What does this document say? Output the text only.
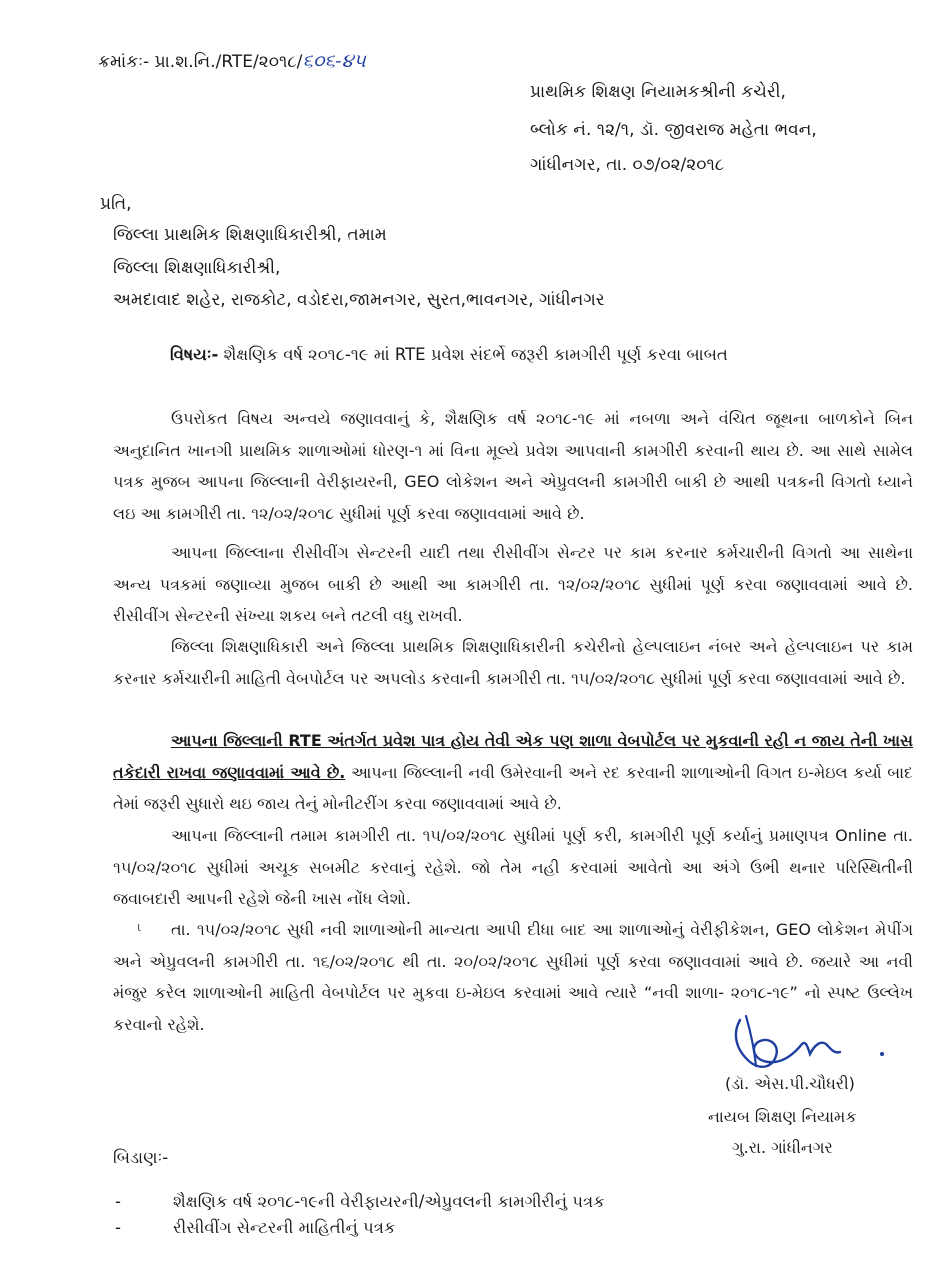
ક્રમાંકઃ- પ્રા.શ.નિ./RTE/૨૦૧૮/૬૦૬-૪૫
પ્રાથમિક શિક્ષણ નિયામકશ્રીની કચેરી,
બ્લોક નં. ૧૨/૧, ડૉ. જીવરાજ મહેતા ભવન,
ગાંધીનગર, તા. ૦૭/૦૨/૨૦૧૮
પ્રતિ,
જિલ્લા પ્રાથમિક શિક્ષણાધિકારીશ્રી, તમામ
જિલ્લા શિક્ષણાધિકારીશ્રી,
અમદાવાદ શહેર, રાજકોટ, વડોદરા,જામનગર, સુરત,ભાવનગર, ગાંધીનગર
વિષયઃ- શૈક્ષણિક વર્ષ ૨૦૧૮-૧૯ માં RTE પ્રવેશ સંદર્ભે જરૂરી કામગીરી પૂર્ણ કરવા બાબત
ઉપરોકત વિષય અન્વયે જણાવવાનું કે, શૈક્ષણિક વર્ષ ૨૦૧૮-૧૯ માં નબળા અને વંચિત જૂથના બાળકોને બિન અનુદાનિત ખાનગી પ્રાથમિક શાળાઓમાં ધોરણ-૧ માં વિના મૂલ્યે પ્રવેશ આપવાની કામગીરી કરવાની થાય છે. આ સાથે સામેલ પત્રક મુજબ આપના જિલ્લાની વેરીફાયરની, GEO લોકેશન અને એપ્રુવલની કામગીરી બાકી છે આથી પત્રકની વિગતો ધ્યાને લઇ આ કામગીરી તા. ૧૨/૦૨/૨૦૧૮ સુધીમાં પૂર્ણ કરવા જણાવવામાં આવે છે.
આપના જિલ્લાના રીસીવીંગ સેન્ટરની યાદી તથા રીસીવીંગ સેન્ટર પર કામ કરનાર કર્મચારીની વિગતો આ સાથેના અન્ય પત્રકમાં જણાવ્યા મુજબ બાકી છે આથી આ કામગીરી તા. ૧૨/૦૨/૨૦૧૮ સુધીમાં પૂર્ણ કરવા જણાવવામાં આવે છે. રીસીવીંગ સેન્ટરની સંખ્યા શકય બને તટલી વધુ રાખવી.
જિલ્લા શિક્ષણાધિકારી અને જિલ્લા પ્રાથમિક શિક્ષણાધિકારીની કચેરીનો હેલ્પલાઇન નંબર અને હેલ્પલાઇન પર કામ કરનાર કર્મચારીની માહિતી વેબપોર્ટલ પર અપલોડ કરવાની કામગીરી તા. ૧૫/૦૨/૨૦૧૮ સુધીમાં પૂર્ણ કરવા જણાવવામાં આવે છે.
આપના જિલ્લાની RTE અંતર્ગત પ્રવેશ પાત્ર હોય તેવી એક પણ શાળા વેબપોર્ટલ પર મુકવાની રહી ન જાય તેની ખાસ તકેદારી રાખવા જણાવવામાં આવે છે. આપના જિલ્લાની નવી ઉમેરવાની અને રદ કરવાની શાળાઓની વિગત ઇ-મેઇલ કર્યા બાદ તેમાં જરૂરી સુધારો થઇ જાય તેનું મોનીટરીંગ કરવા જણાવવામાં આવે છે.
આપના જિલ્લાની તમામ કામગીરી તા. ૧૫/૦૨/૨૦૧૮ સુધીમાં પૂર્ણ કરી, કામગીરી પૂર્ણ કર્યાનું પ્રમાણપત્ર Online તા. ૧૫/૦૨/૨૦૧૮ સુધીમાં અચૂક સબમીટ કરવાનું રહેશે. જો તેમ નહી કરવામાં આવેતો આ અંગે ઉભી થનાર પરિસ્થિતીની જવાબદારી આપની રહેશે જેની ખાસ નોંધ લેશો.
ι	તા. ૧૫/૦૨/૨૦૧૮ સુધી નવી શાળાઓની માન્યતા આપી દીધા બાદ આ શાળાઓનું વેરીફીકેશન, GEO લોકેશન મેપીંગ અને એપ્રુવલની કામગીરી તા. ૧૬/૦૨/૨૦૧૮ થી તા. ૨૦/૦૨/૨૦૧૮ સુધીમાં પૂર્ણ કરવા જણાવવામાં આવે છે. જયારે આ નવી મંજુર કરેલ શાળાઓની માહિતી વેબપોર્ટલ પર મુકવા ઇ-મેઇલ કરવામાં આવે ત્યારે “નવી શાળા- ૨૦૧૮-૧૯” નો સ્પષ્ટ ઉલ્લેખ કરવાનો રહેશે.
(ડૉ. એસ.પી.ચૌધરી)
નાયબ શિક્ષણ નિયામક
ગુ.રા. ગાંધીનગર
બિડાણઃ-
-	શૈક્ષણિક વર્ષ ૨૦૧૮-૧૯ની વેરીફાયરની/એપ્રુવલની કામગીરીનું પત્રક
-	રીસીવીંગ સેન્ટરની માહિતીનું પત્રક
